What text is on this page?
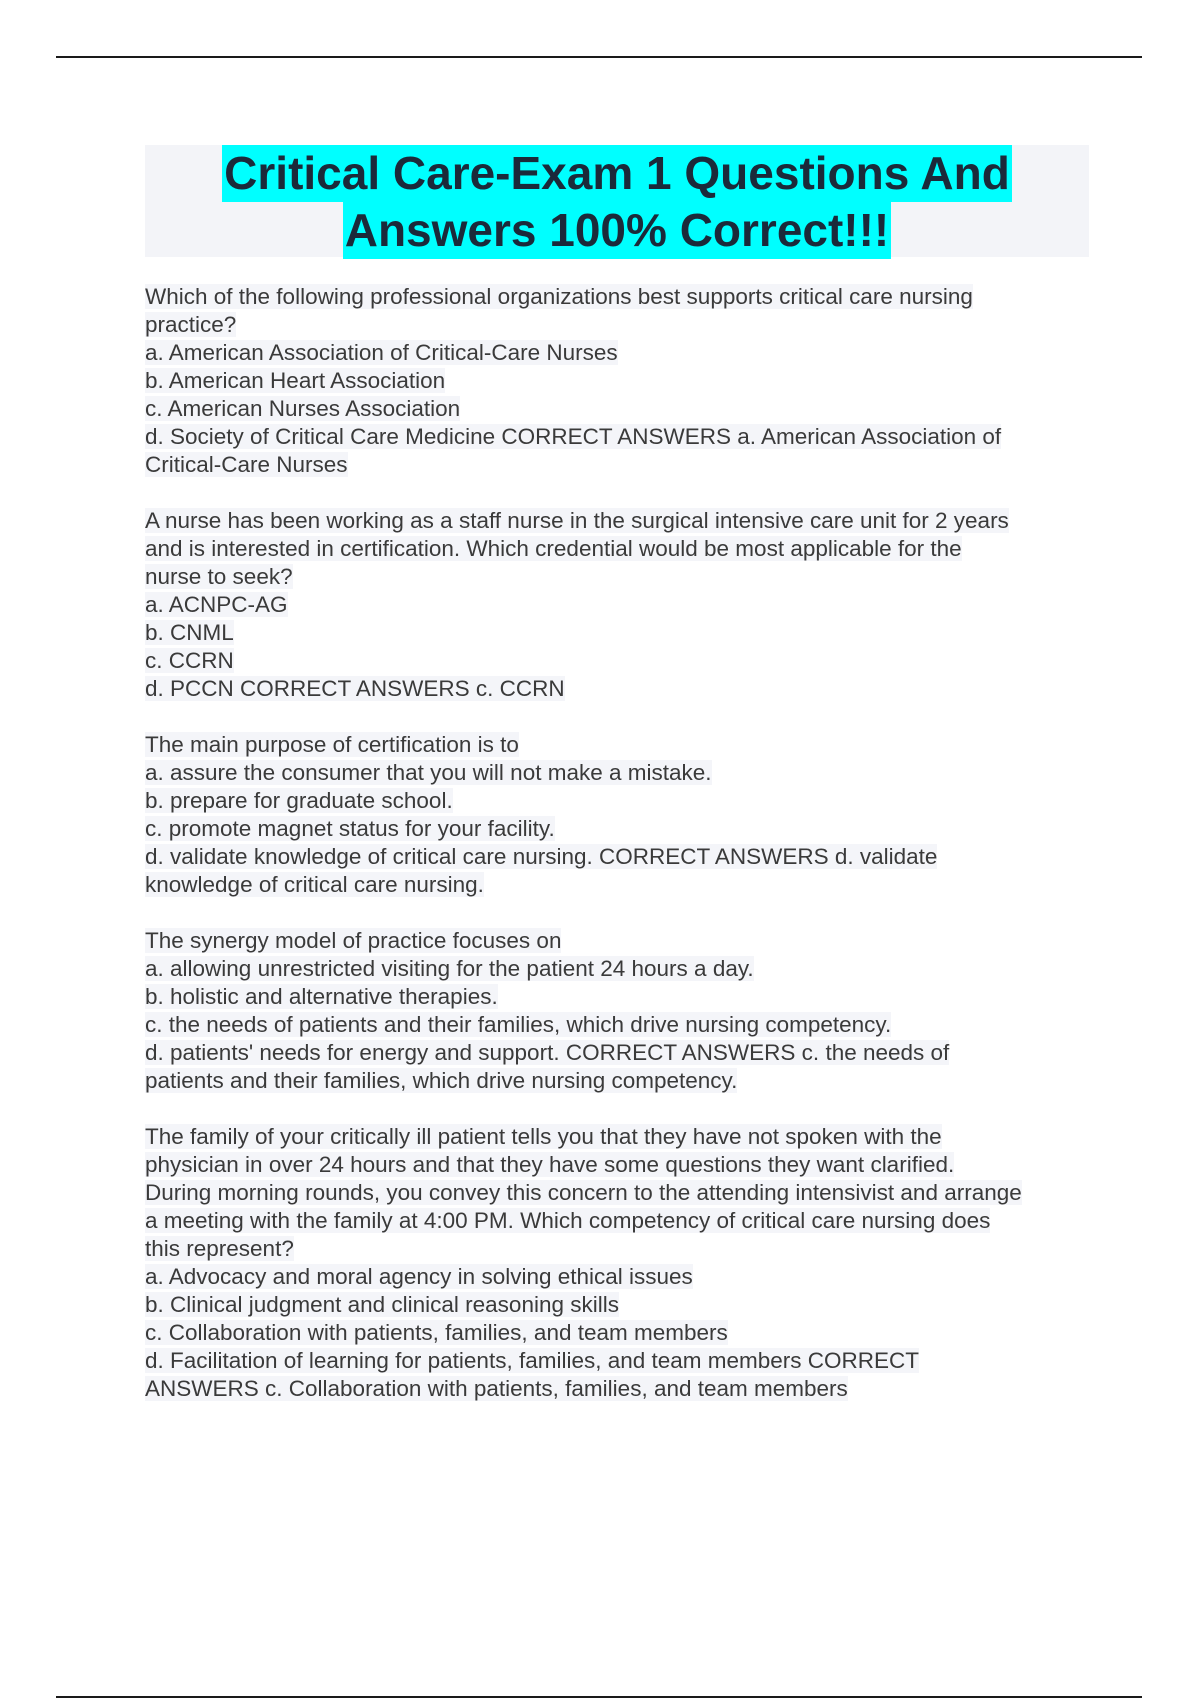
Critical Care-Exam 1 Questions And
Answers 100% Correct!!!
Which of the following professional organizations best supports critical care nursing
practice?
a. American Association of Critical-Care Nurses
b. American Heart Association
c. American Nurses Association
d. Society of Critical Care Medicine CORRECT ANSWERS a. American Association of
Critical-Care Nurses
A nurse has been working as a staff nurse in the surgical intensive care unit for 2 years
and is interested in certification. Which credential would be most applicable for the
nurse to seek?
a. ACNPC-AG
b. CNML
c. CCRN
d. PCCN CORRECT ANSWERS c. CCRN
The main purpose of certification is to
a. assure the consumer that you will not make a mistake.
b. prepare for graduate school.
c. promote magnet status for your facility.
d. validate knowledge of critical care nursing. CORRECT ANSWERS d. validate
knowledge of critical care nursing.
The synergy model of practice focuses on
a. allowing unrestricted visiting for the patient 24 hours a day.
b. holistic and alternative therapies.
c. the needs of patients and their families, which drive nursing competency.
d. patients' needs for energy and support. CORRECT ANSWERS c. the needs of
patients and their families, which drive nursing competency.
The family of your critically ill patient tells you that they have not spoken with the
physician in over 24 hours and that they have some questions they want clarified.
During morning rounds, you convey this concern to the attending intensivist and arrange
a meeting with the family at 4:00 PM. Which competency of critical care nursing does
this represent?
a. Advocacy and moral agency in solving ethical issues
b. Clinical judgment and clinical reasoning skills
c. Collaboration with patients, families, and team members
d. Facilitation of learning for patients, families, and team members CORRECT
ANSWERS c. Collaboration with patients, families, and team members
